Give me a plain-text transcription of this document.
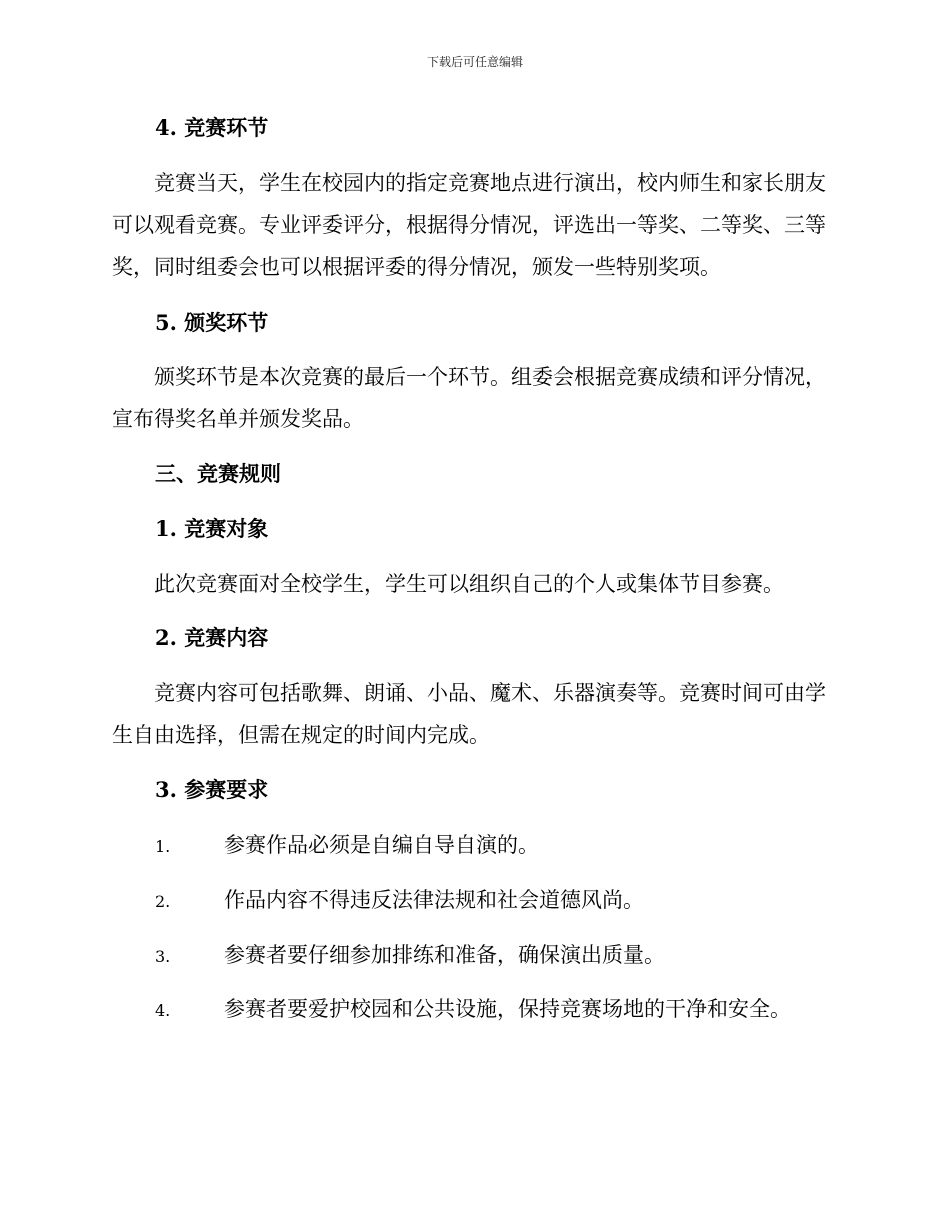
下载后可任意编辑
4. 竞赛环节
竞赛当天，学生在校园内的指定竞赛地点进行演出，校内师生和家长朋友可以观看竞赛。专业评委评分，根据得分情况，评选出一等奖、二等奖、三等奖，同时组委会也可以根据评委的得分情况，颁发一些特别奖项。
5. 颁奖环节
颁奖环节是本次竞赛的最后一个环节。组委会根据竞赛成绩和评分情况，宣布得奖名单并颁发奖品。
三、竞赛规则
1. 竞赛对象
此次竞赛面对全校学生，学生可以组织自己的个人或集体节目参赛。
2. 竞赛内容
竞赛内容可包括歌舞、朗诵、小品、魔术、乐器演奏等。竞赛时间可由学生自由选择，但需在规定的时间内完成。
3. 参赛要求
1.	参赛作品必须是自编自导自演的。
2.	作品内容不得违反法律法规和社会道德风尚。
3.	参赛者要仔细参加排练和准备，确保演出质量。
4.	参赛者要爱护校园和公共设施，保持竞赛场地的干净和安全。
